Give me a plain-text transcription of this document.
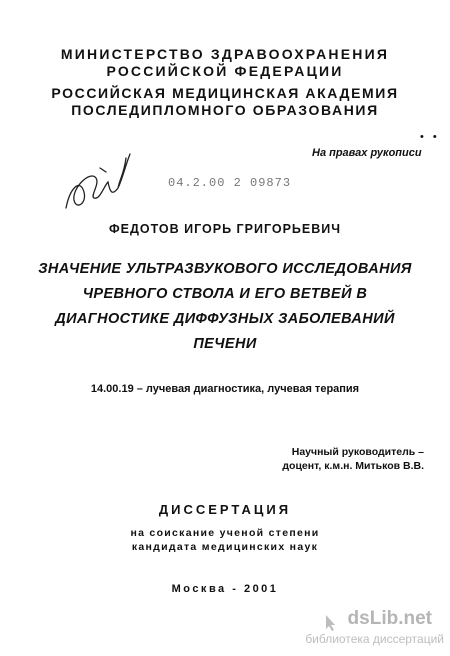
МИНИСТЕРСТВО ЗДРАВООХРАНЕНИЯ
РОССИЙСКОЙ ФЕДЕРАЦИИ
РОССИЙСКАЯ МЕДИЦИНСКАЯ АКАДЕМИЯ
ПОСЛЕДИПЛОМНОГО ОБРАЗОВАНИЯ
• •
На правах рукописи
04.2.00 2 09873
ФЕДОТОВ ИГОРЬ ГРИГОРЬЕВИЧ
ЗНАЧЕНИЕ УЛЬТРАЗВУКОВОГО ИССЛЕДОВАНИЯ
ЧРЕВНОГО СТВОЛА И ЕГО ВЕТВЕЙ В
ДИАГНОСТИКЕ ДИФФУЗНЫХ ЗАБОЛЕВАНИЙ
ПЕЧЕНИ
14.00.19 – лучевая диагностика, лучевая терапия
Научный руководитель –
доцент, к.м.н. Митьков В.В.
ДИССЕРТАЦИЯ
на соискание ученой степени
кандидата медицинских наук
Москва - 2001
dsLib.net
библиотека диссертаций
